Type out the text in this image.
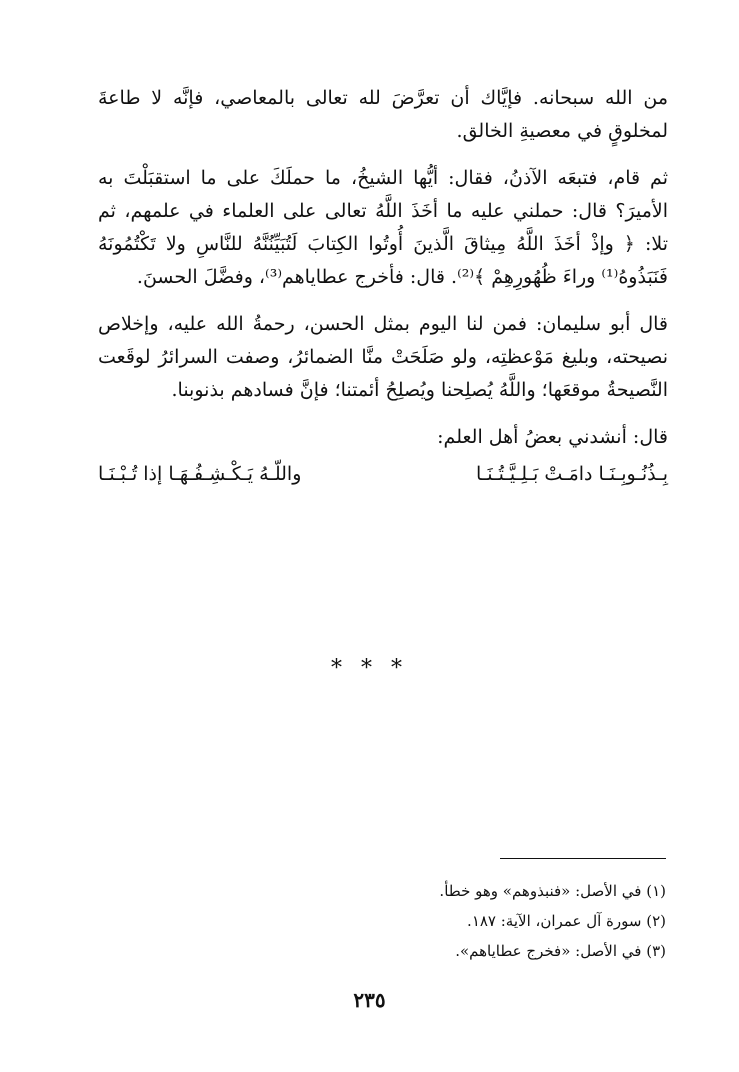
من الله سبحانه. فإيَّاك أن تعرَّضَ لله تعالى بالمعاصي، فإنَّه لا طاعةَ لمخلوقٍ في معصيةِ الخالق.

ثم قام، فتبعَه الآذنُ، فقال: أيُّها الشيخُ، ما حملَكَ على ما استقبَلْتَ به الأميرَ؟ قال: حملني عليه ما أخَذَ اللَّهُ تعالى على العلماء في علمهم، ثم تلا: ﴿ وإذْ أخَذَ اللَّهُ مِيثاقَ الَّذينَ أُوتُوا الكِتابَ لَتُبَيِّنُنَّهُ للنَّاسِ ولا تَكْتُمُونَهُ فَنَبَذُوهُ⁽¹⁾ وراءَ ظُهُورِهِمْ ﴾⁽²⁾. قال: فأخرج عطاياهم⁽³⁾، وفضَّلَ الحسنَ.

قال أبو سليمان: فمن لنا اليوم بمثل الحسن، رحمةُ الله عليه، وإخلاص نصيحته، وبليغ مَوْعظتِه، ولو صَلَحَتْ منَّا الضمائرُ، وصفت السرائرُ لوقَعت النَّصيحةُ موقعَها؛ واللَّهُ يُصلِحنا ويُصلِحُ أئمتنا؛ فإنَّ فسادهم بذنوبنا.

قال: أنشدني بعضُ أهل العلم:

بِـذُنُـوبِـنَـا دامَـتْ بَـلِـيَّـتُـنَـا
واللّـهُ يَـكْـشِـفُـهَـا إذا تُـبْـنَـا
* * *
(١) في الأصل: «فنبذوهم» وهو خطأ.
(٢) سورة آل عمران، الآية: ١٨٧.
(٣) في الأصل: «فخرج عطاياهم».
٢٣٥
